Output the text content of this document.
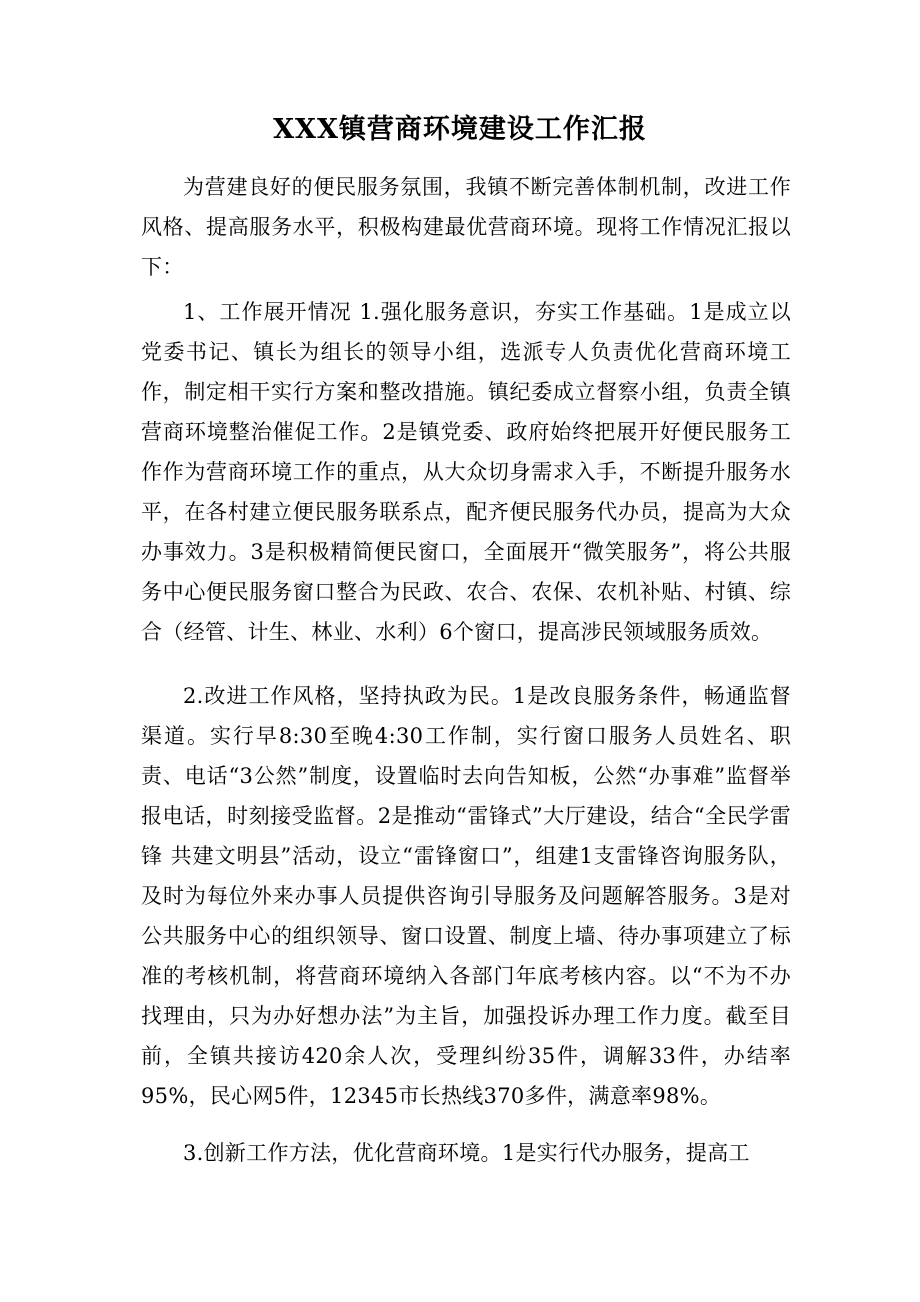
XXX镇营商环境建设工作汇报

为营建良好的便民服务氛围，我镇不断完善体制机制，改进工作风格、提高服务水平，积极构建最优营商环境。现将工作情况汇报以下：

1、工作展开情况 1.强化服务意识，夯实工作基础。1是成立以党委书记、镇长为组长的领导小组，选派专人负责优化营商环境工作，制定相干实行方案和整改措施。镇纪委成立督察小组，负责全镇营商环境整治催促工作。2是镇党委、政府始终把展开好便民服务工作作为营商环境工作的重点，从大众切身需求入手，不断提升服务水平，在各村建立便民服务联系点，配齐便民服务代办员，提高为大众办事效力。3是积极精简便民窗口，全面展开“微笑服务”，将公共服务中心便民服务窗口整合为民政、农合、农保、农机补贴、村镇、综合（经管、计生、林业、水利）6个窗口，提高涉民领域服务质效。

2.改进工作风格，坚持执政为民。1是改良服务条件，畅通监督渠道。实行早8:30至晚4:30工作制，实行窗口服务人员姓名、职责、电话“3公然”制度，设置临时去向告知板，公然“办事难”监督举报电话，时刻接受监督。2是推动“雷锋式”大厅建设，结合“全民学雷锋 共建文明县”活动，设立“雷锋窗口”，组建1支雷锋咨询服务队，及时为每位外来办事人员提供咨询引导服务及问题解答服务。3是对公共服务中心的组织领导、窗口设置、制度上墙、待办事项建立了标准的考核机制，将营商环境纳入各部门年底考核内容。以“不为不办找理由，只为办好想办法”为主旨，加强投诉办理工作力度。截至目前，全镇共接访420余人次，受理纠纷35件，调解33件，办结率95%，民心网5件，12345市长热线370多件，满意率98%。

3.创新工作方法，优化营商环境。1是实行代办服务，提高工
